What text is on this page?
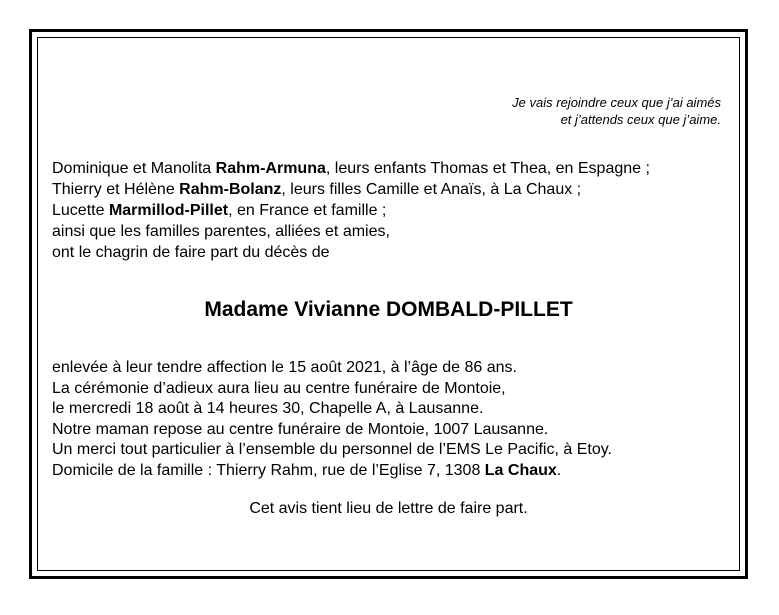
Je vais rejoindre ceux que j’ai aimés
et j’attends ceux que j’aime.
Dominique et Manolita Rahm-Armuna, leurs enfants Thomas et Thea, en Espagne ;
Thierry et Hélène Rahm-Bolanz, leurs filles Camille et Anaïs, à La Chaux ;
Lucette Marmillod-Pillet, en France et famille ;
ainsi que les familles parentes, alliées et amies,
ont le chagrin de faire part du décès de
Madame Vivianne DOMBALD-PILLET
enlevée à leur tendre affection le 15 août 2021, à l’âge de 86 ans.
La cérémonie d’adieux aura lieu au centre funéraire de Montoie,
le mercredi 18 août à 14 heures 30, Chapelle A, à Lausanne.
Notre maman repose au centre funéraire de Montoie, 1007 Lausanne.
Un merci tout particulier à l’ensemble du personnel de l’EMS Le Pacific, à Etoy.
Domicile de la famille : Thierry Rahm, rue de l’Eglise 7, 1308 La Chaux.
Cet avis tient lieu de lettre de faire part.
